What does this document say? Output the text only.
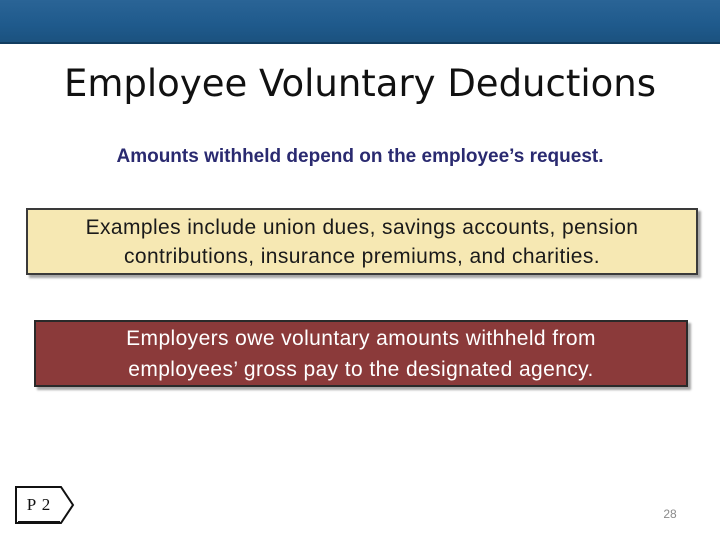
Employee Voluntary Deductions
Amounts withheld depend on the employee’s request.
Examples include union dues, savings accounts, pension
contributions, insurance premiums, and charities.
Employers owe voluntary amounts withheld from
employees’ gross pay to the designated agency.
P 2	28
